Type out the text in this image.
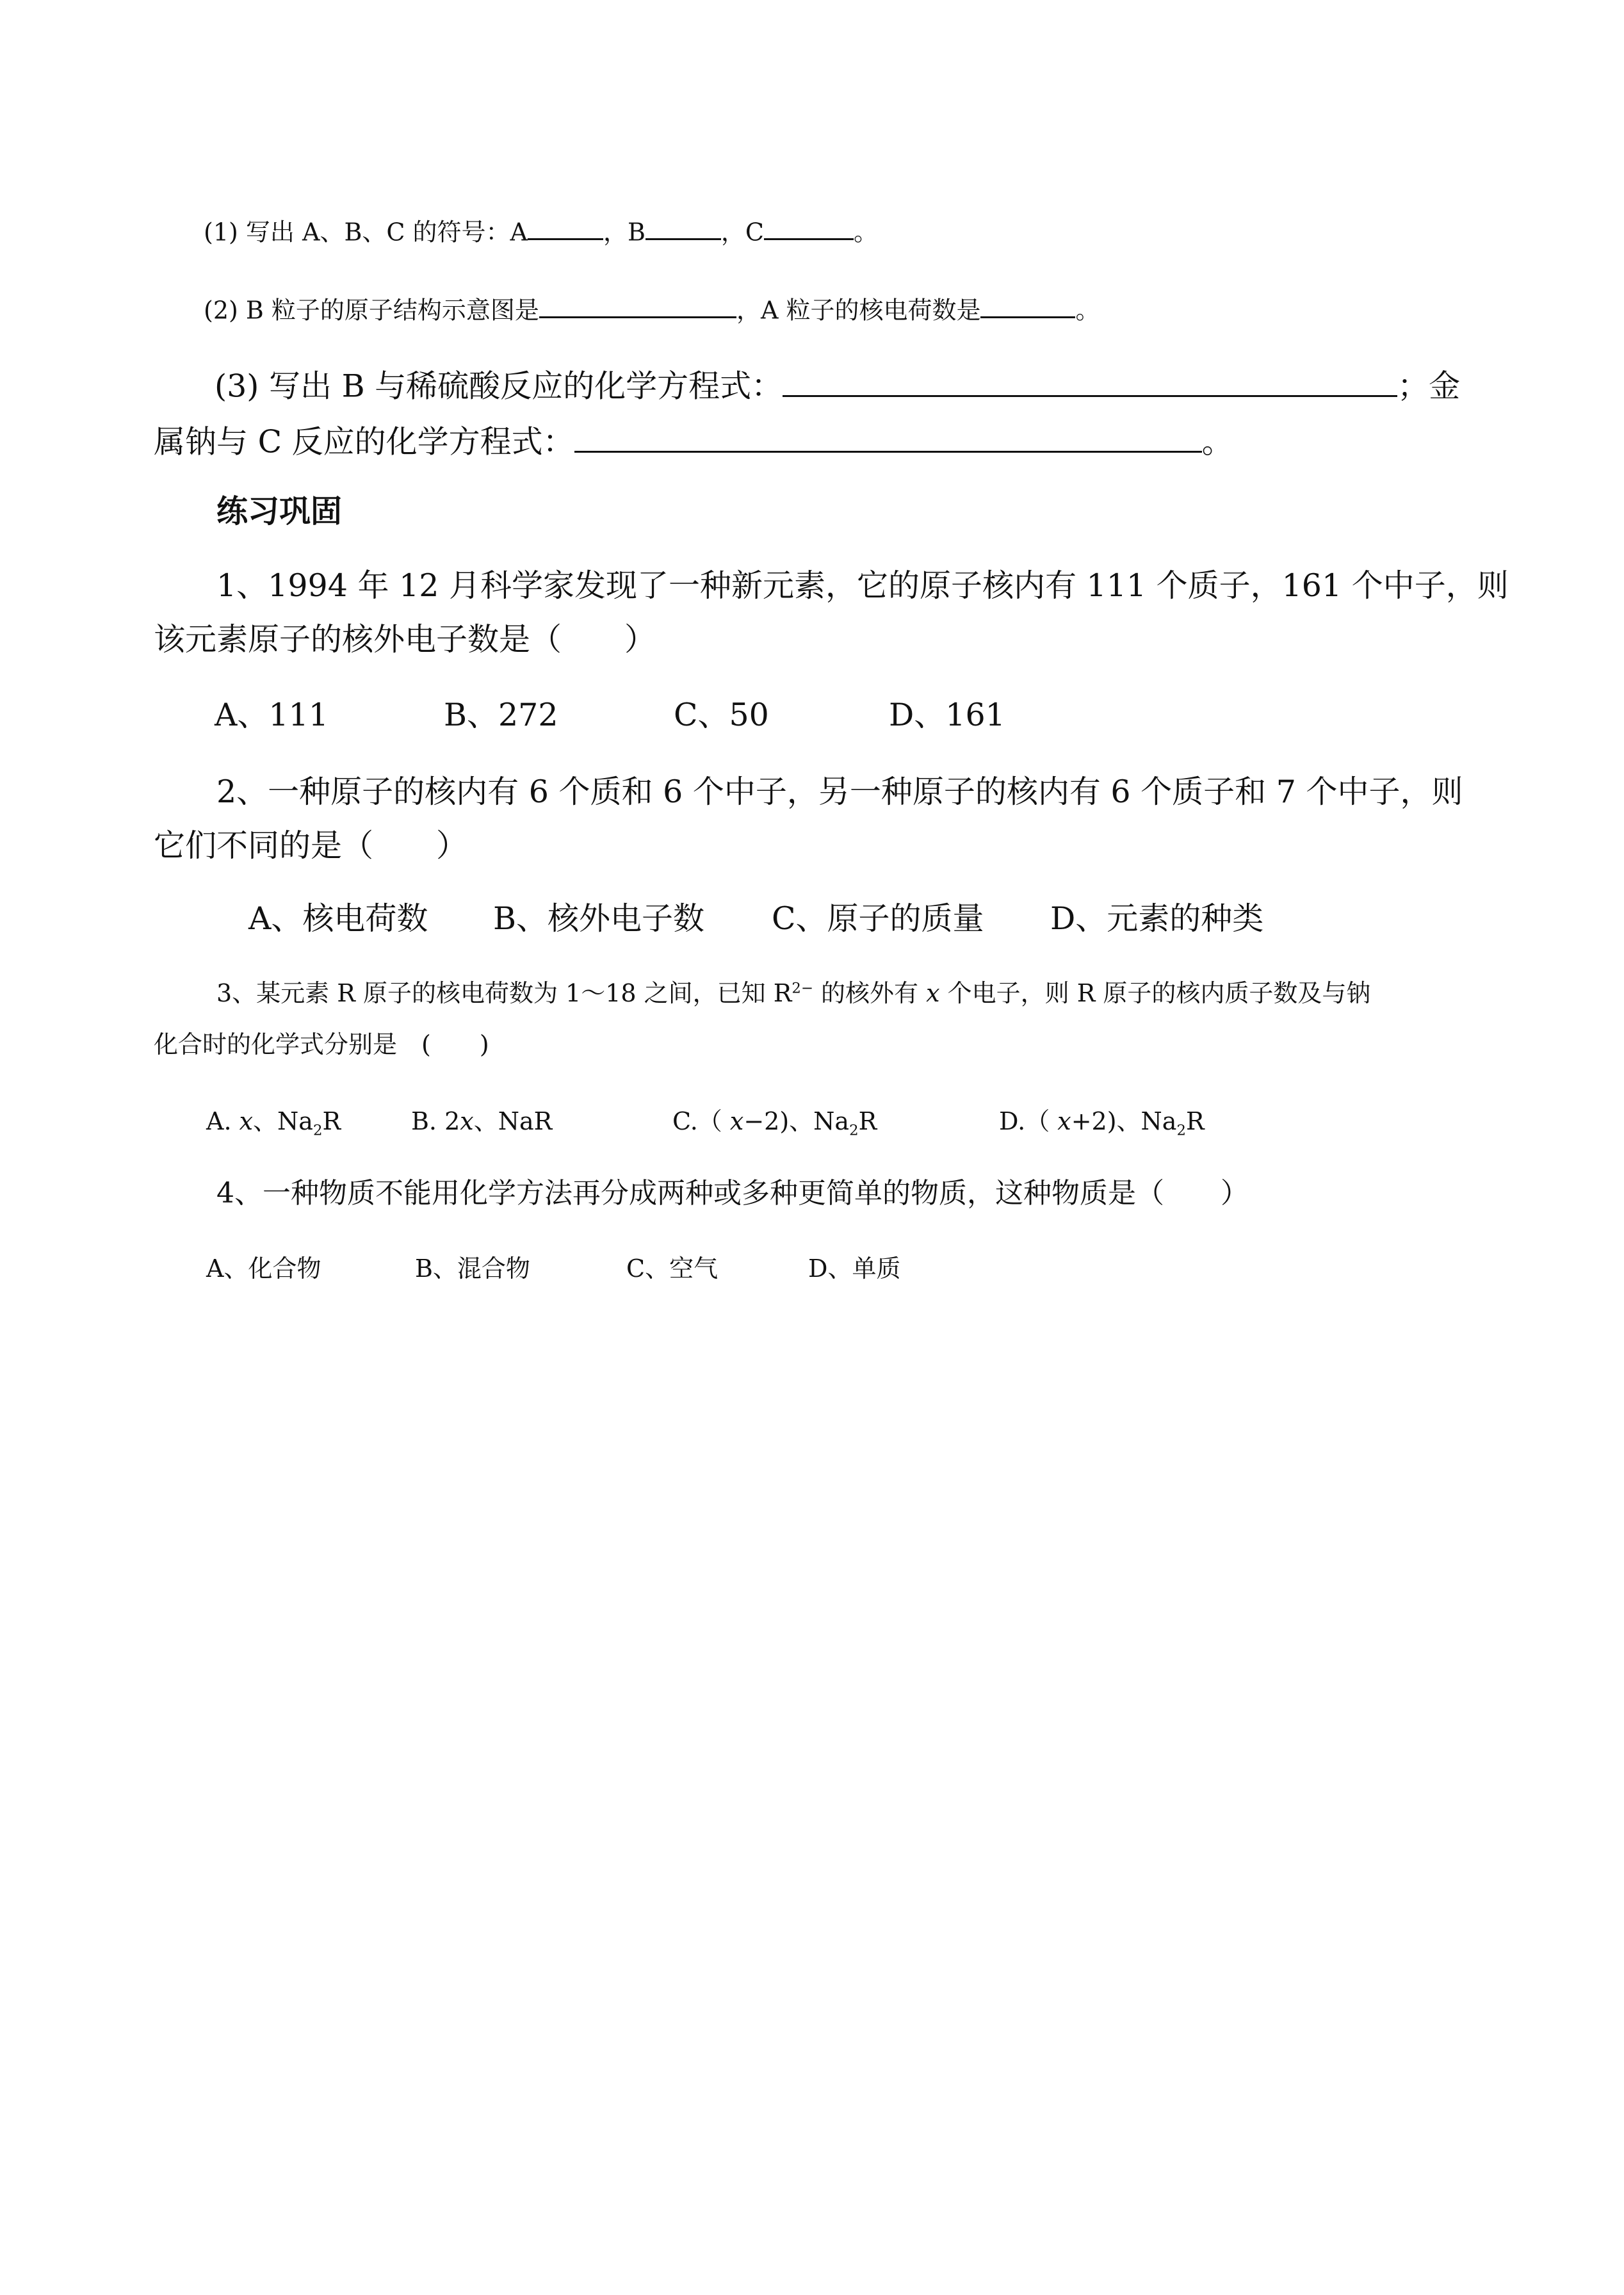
(1) 写出 A、B、C 的符号：A	，B	，C	。
(2) B 粒子的原子结构示意图是	，A 粒子的核电荷数是	。
(3) 写出 B 与稀硫酸反应的化学方程式：	；金
属钠与 C 反应的化学方程式：	。
练习巩固
1、1994 年 12 月科学家发现了一种新元素，它的原子核内有 111 个质子，161 个中子，则
该元素原子的核外电子数是（　　）
A、111	B、272	C、50	D、161
2、一种原子的核内有 6 个质和 6 个中子，另一种原子的核内有 6 个质子和 7 个中子，则
它们不同的是（　　）
A、核电荷数 B、核外电子数 C、原子的质量 D、元素的种类
3、某元素 R 原子的核电荷数为 1～18 之间，已知 $R^{2-}$ 的核外有 x 个电子，则 R 原子的核内质子数及与钠
化合时的化学式分别是　(　　)
A. x、$Na_2R$	B. 2x、NaR	C.（ x−2)、$Na_2R$	D.（ x+2)、$Na_2R$
4、一种物质不能用化学方法再分成两种或多种更简单的物质，这种物质是（　　）
A、化合物	B、混合物	C、空气	D、单质
